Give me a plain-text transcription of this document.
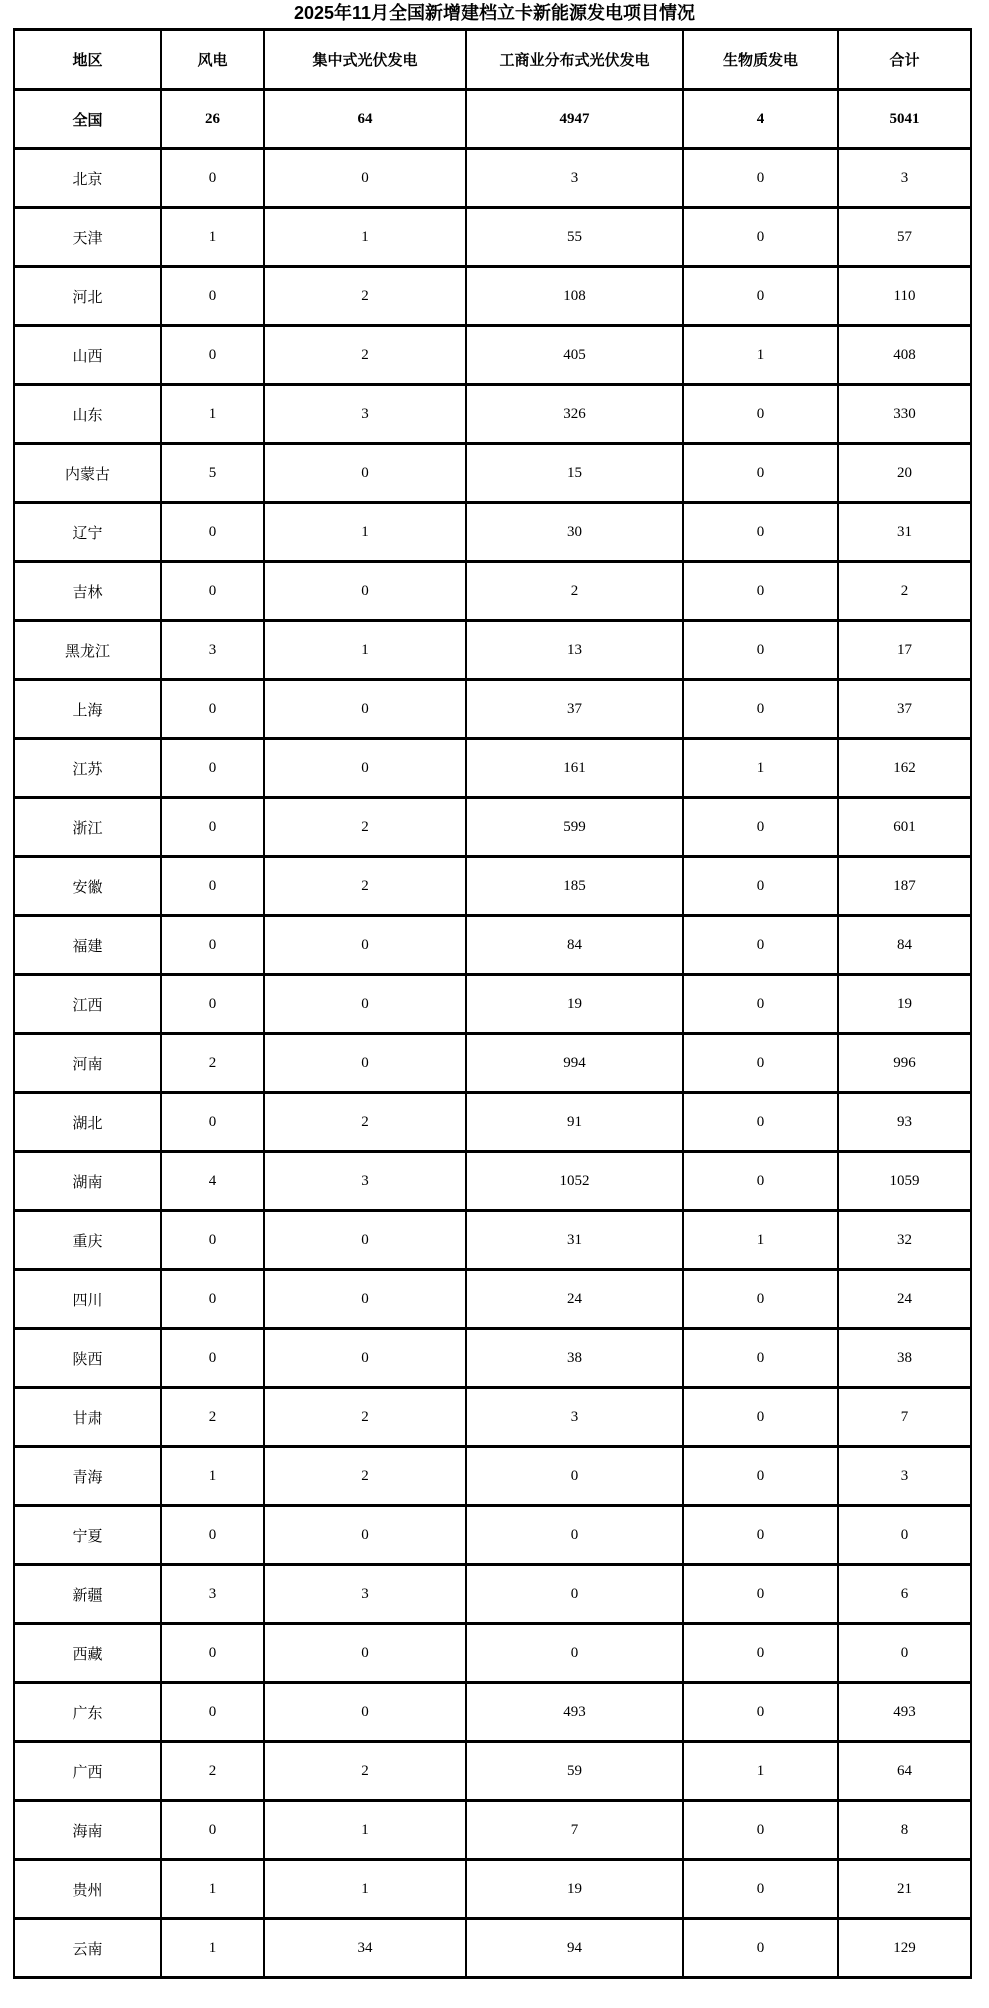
2025年11月全国新增建档立卡新能源发电项目情况
地区	风电	集中式光伏发电	工商业分布式光伏发电	生物质发电	合计
全国	26	64	4947	4	5041
北京	0	0	3	0	3
天津	1	1	55	0	57
河北	0	2	108	0	110
山西	0	2	405	1	408
山东	1	3	326	0	330
内蒙古	5	0	15	0	20
辽宁	0	1	30	0	31
吉林	0	0	2	0	2
黑龙江	3	1	13	0	17
上海	0	0	37	0	37
江苏	0	0	161	1	162
浙江	0	2	599	0	601
安徽	0	2	185	0	187
福建	0	0	84	0	84
江西	0	0	19	0	19
河南	2	0	994	0	996
湖北	0	2	91	0	93
湖南	4	3	1052	0	1059
重庆	0	0	31	1	32
四川	0	0	24	0	24
陕西	0	0	38	0	38
甘肃	2	2	3	0	7
青海	1	2	0	0	3
宁夏	0	0	0	0	0
新疆	3	3	0	0	6
西藏	0	0	0	0	0
广东	0	0	493	0	493
广西	2	2	59	1	64
海南	0	1	7	0	8
贵州	1	1	19	0	21
云南	1	34	94	0	129
